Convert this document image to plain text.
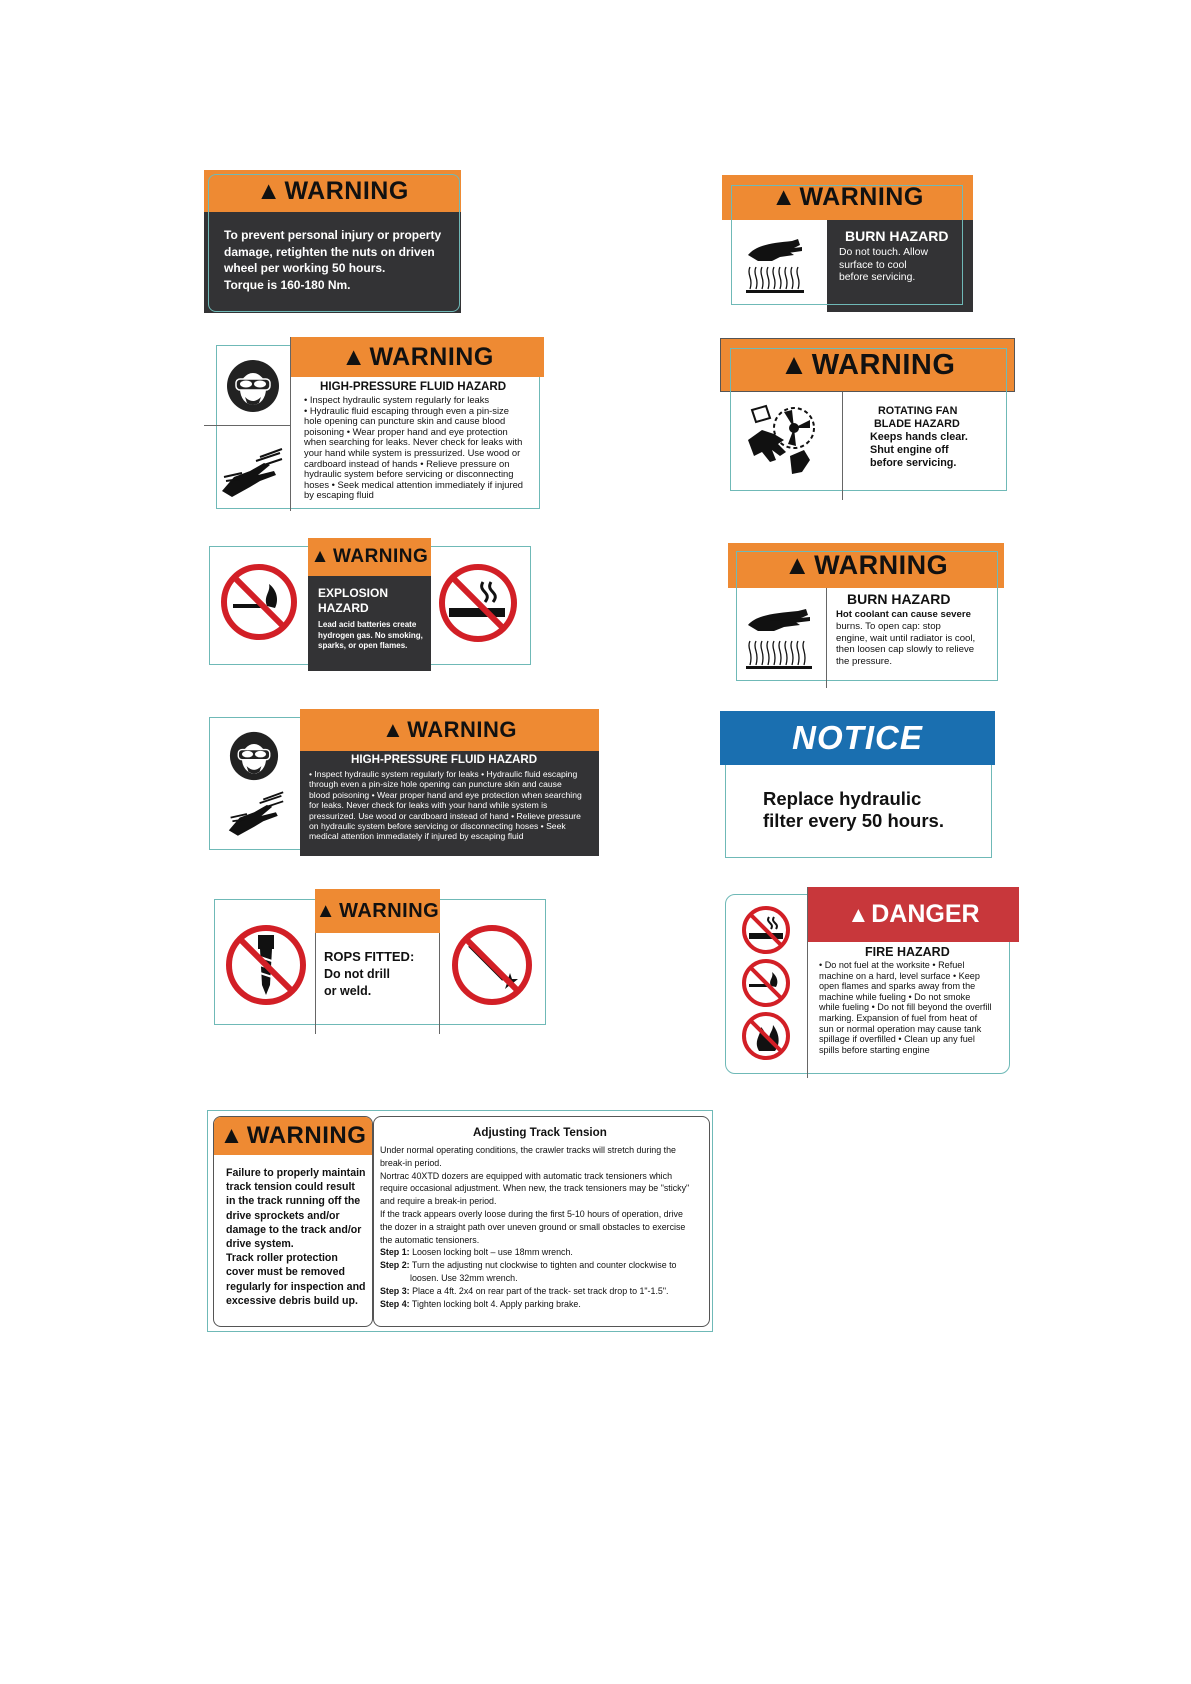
▲ WARNING
To prevent personal injury or property
damage, retighten the nuts on driven
wheel per working 50 hours.
Torque is 160-180 Nm.
▲ WARNING
BURN HAZARD
Do not touch. Allow
surface to cool
before servicing.
▲ WARNING
HIGH-PRESSURE FLUID HAZARD
• Inspect hydraulic system regularly for leaks
• Hydraulic fluid escaping through even a pin-size
hole opening can puncture skin and cause blood
poisoning • Wear proper hand and eye protection
when searching for leaks. Never check for leaks with
your hand while system is pressurized. Use wood or
cardboard instead of hands • Relieve pressure on
hydraulic system before servicing or disconnecting
hoses • Seek medical attention immediately if injured
by escaping fluid
▲ WARNING
ROTATING FAN
BLADE HAZARD
Keeps hands clear.
Shut engine off
before servicing.
▲ WARNING
EXPLOSION
HAZARD
Lead acid batteries create
hydrogen gas. No smoking,
sparks, or open flames.
▲ WARNING
BURN HAZARD
Hot coolant can cause severe
burns. To open cap: stop
engine, wait until radiator is cool,
then loosen cap slowly to relieve
the pressure.
▲ WARNING
HIGH-PRESSURE FLUID HAZARD
• Inspect hydraulic system regularly for leaks • Hydraulic fluid escaping
through even a pin-size hole opening can puncture skin and cause
blood poisoning • Wear proper hand and eye protection when searching
for leaks. Never check for leaks with your hand while system is
pressurized. Use wood or cardboard instead of hand • Relieve pressure
on hydraulic system before servicing or disconnecting hoses • Seek
medical attention immediately if injured by escaping fluid
NOTICE
Replace hydraulic
filter every 50 hours.
▲ WARNING
ROPS FITTED:
Do not drill
or weld.
▲ DANGER
FIRE HAZARD
• Do not fuel at the worksite • Refuel
machine on a hard, level surface • Keep
open flames and sparks away from the
machine while fueling • Do not smoke
while fueling • Do not fill beyond the overfill
marking. Expansion of fuel from heat of
sun or normal operation may cause tank
spillage if overfilled • Clean up any fuel
spills before starting engine
▲ WARNING
Failure to properly maintain
track tension could result
in the track running off the
drive sprockets and/or
damage to the track and/or
drive system.
Track roller protection
cover must be removed
regularly for inspection and
excessive debris build up.
Adjusting Track Tension
Under normal operating conditions, the crawler tracks will stretch during the
break-in period.
Nortrac 40XTD dozers are equipped with automatic track tensioners which
require occasional adjustment. When new, the track tensioners may be "sticky"
and require a break-in period.
If the track appears overly loose during the first 5-10 hours of operation, drive
the dozer in a straight path over uneven ground or small obstacles to exercise
the automatic tensioners.
Step 1: Loosen locking bolt – use 18mm wrench.
Step 2: Turn the adjusting nut clockwise to tighten and counter clockwise to
loosen. Use 32mm wrench.
Step 3: Place a 4ft. 2x4 on rear part of the track- set track drop to 1"-1.5".
Step 4: Tighten locking bolt 4. Apply parking brake.
